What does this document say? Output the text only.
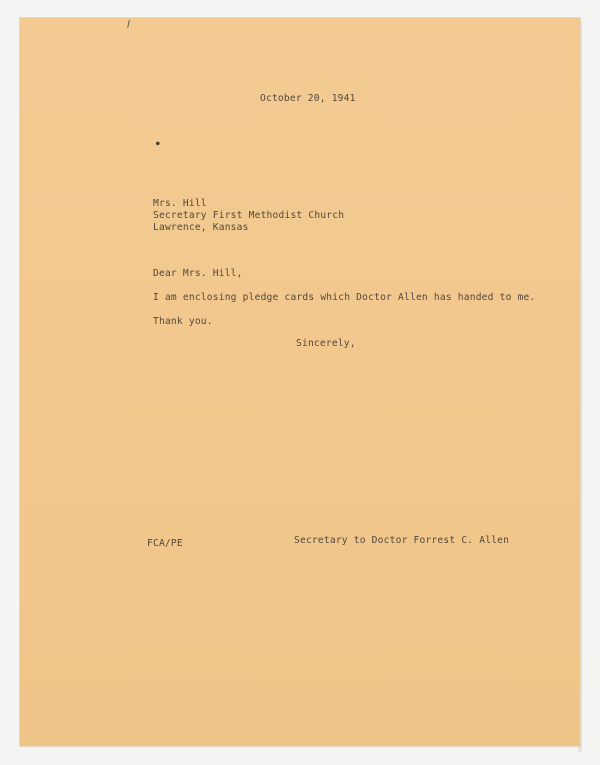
●
October 20, 1941
Mrs. Hill
Secretary First Methodist Church
Lawrence, Kansas
Dear Mrs. Hill,
I am enclosing pledge cards which Doctor Allen has handed to me.
Thank you.
Sincerely,
FCA/PE	Secretary to Doctor Forrest C. Allen
